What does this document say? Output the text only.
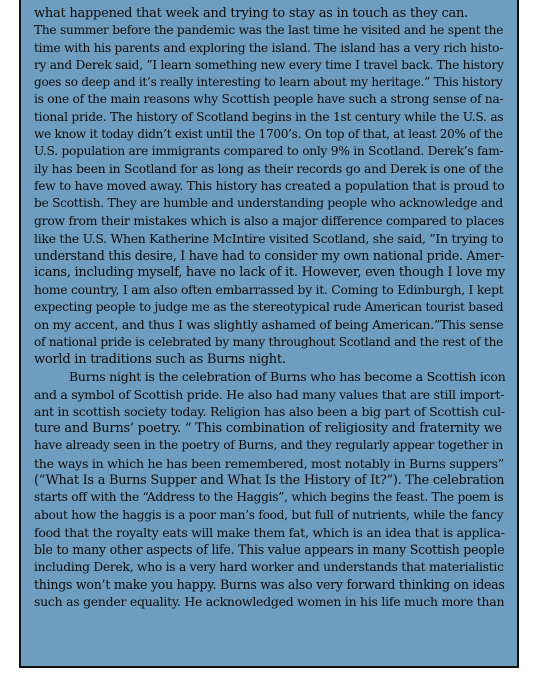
what happened that week and trying to stay as in touch as they can.
The summer before the pandemic was the last time he visited and he spent the
time with his parents and exploring the island. The island has a very rich histo-
ry and Derek said, ”I learn something new every time I travel back. The history
goes so deep and it’s really interesting to learn about my heritage.” This history
is one of the main reasons why Scottish people have such a strong sense of na-
tional pride. The history of Scotland begins in the 1st century while the U.S. as
we know it today didn’t exist until the 1700’s. On top of that, at least 20% of the
U.S. population are immigrants compared to only 9% in Scotland. Derek’s fam-
ily has been in Scotland for as long as their records go and Derek is one of the
few to have moved away. This history has created a population that is proud to
be Scottish. They are humble and understanding people who acknowledge and
grow from their mistakes which is also a major difference compared to places
like the U.S. When Katherine McIntire visited Scotland, she said, ”In trying to
understand this desire, I have had to consider my own national pride. Amer-
icans, including myself, have no lack of it. However, even though I love my
home country, I am also often embarrassed by it. Coming to Edinburgh, I kept
expecting people to judge me as the stereotypical rude American tourist based
on my accent, and thus I was slightly ashamed of being American.”This sense
of national pride is celebrated by many throughout Scotland and the rest of the
world in traditions such as Burns night.
Burns night is the celebration of Burns who has become a Scottish icon
and a symbol of Scottish pride. He also had many values that are still import-
ant in scottish society today. Religion has also been a big part of Scottish cul-
ture and Burns’ poetry. “ This combination of religiosity and fraternity we
have already seen in the poetry of Burns, and they regularly appear together in
the ways in which he has been remembered, most notably in Burns suppers”
(“What Is a Burns Supper and What Is the History of It?”). The celebration
starts off with the “Address to the Haggis”, which begins the feast. The poem is
about how the haggis is a poor man’s food, but full of nutrients, while the fancy
food that the royalty eats will make them fat, which is an idea that is applica-
ble to many other aspects of life. This value appears in many Scottish people
including Derek, who is a very hard worker and understands that materialistic
things won’t make you happy. Burns was also very forward thinking on ideas
such as gender equality. He acknowledged women in his life much more than
